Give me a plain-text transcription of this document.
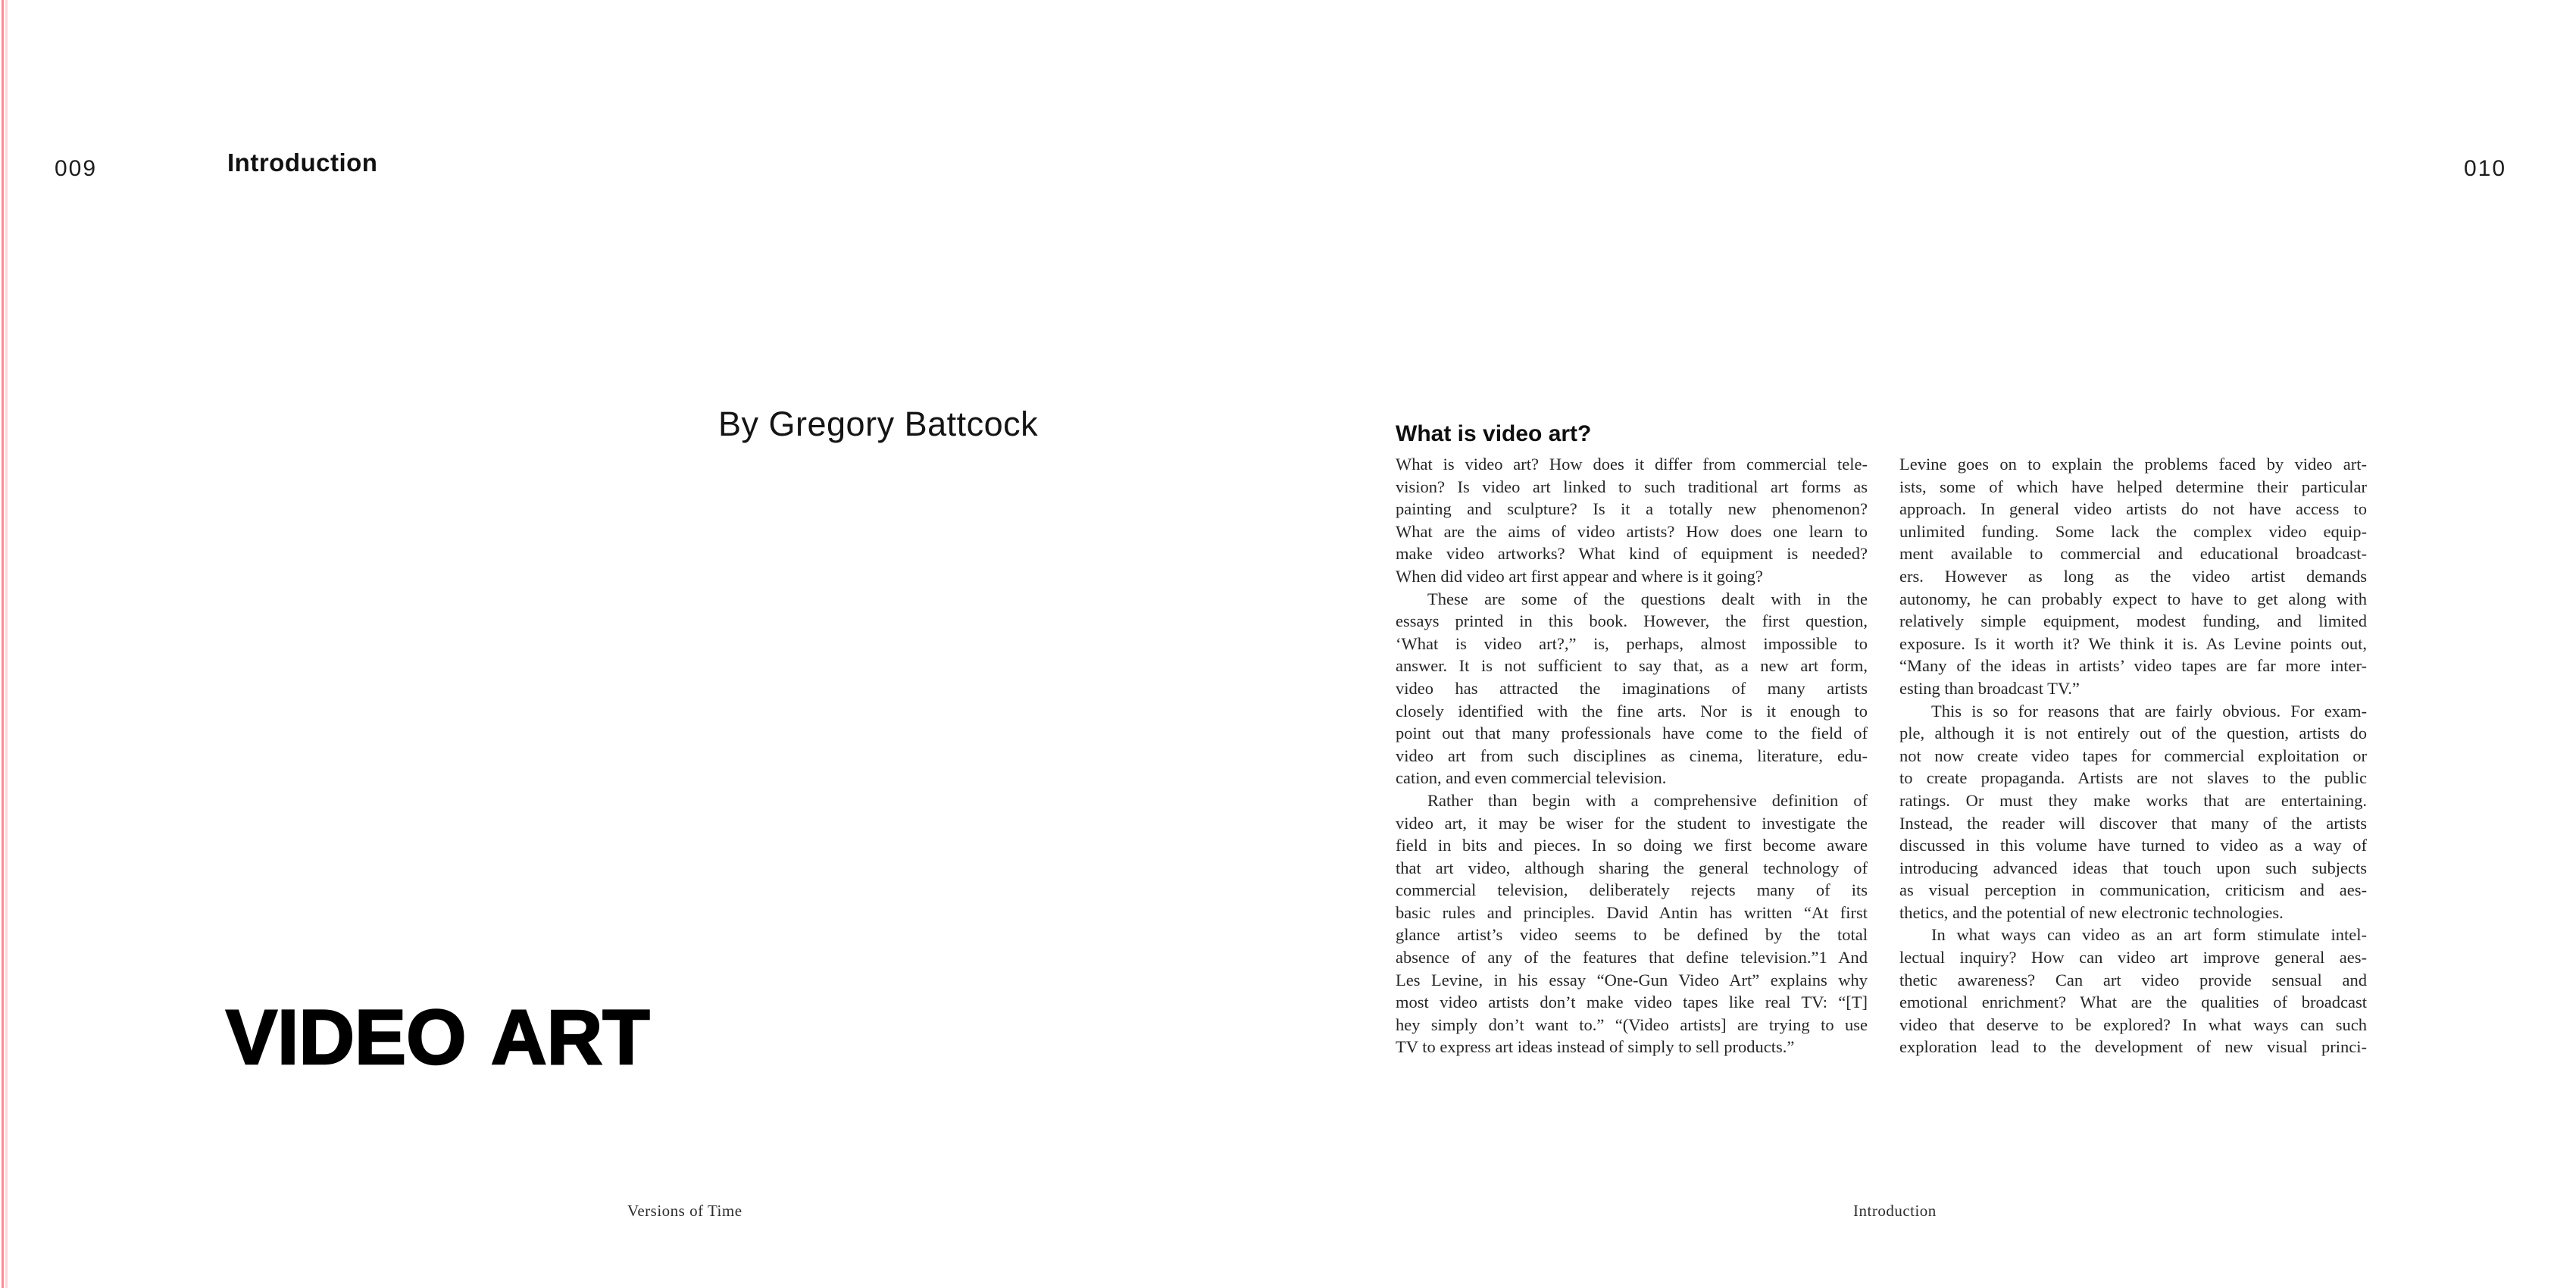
009	Introduction	010
By Gregory Battcock
VIDEO ART
What is video art?
What is video art? How does it differ from commercial tele-
vision? Is video art linked to such traditional art forms as
painting and sculpture? Is it a totally new phenomenon?
What are the aims of video artists? How does one learn to
make video artworks? What kind of equipment is needed?
When did video art first appear and where is it going?
These are some of the questions dealt with in the
essays printed in this book. However, the first question,
‘What is video art?,” is, perhaps, almost impossible to
answer. It is not sufficient to say that, as a new art form,
video has attracted the imaginations of many artists
closely identified with the fine arts. Nor is it enough to
point out that many professionals have come to the field of
video art from such disciplines as cinema, literature, edu-
cation, and even commercial television.
Rather than begin with a comprehensive definition of
video art, it may be wiser for the student to investigate the
field in bits and pieces. In so doing we first become aware
that art video, although sharing the general technology of
commercial television, deliberately rejects many of its
basic rules and principles. David Antin has written “At first
glance artist’s video seems to be defined by the total
absence of any of the features that define television.”1 And
Les Levine, in his essay “One-Gun Video Art” explains why
most video artists don’t make video tapes like real TV: “[T]
hey simply don’t want to.” “(Video artists] are trying to use
TV to express art ideas instead of simply to sell products.”
Levine goes on to explain the problems faced by video art-
ists, some of which have helped determine their particular
approach. In general video artists do not have access to
unlimited funding. Some lack the complex video equip-
ment available to commercial and educational broadcast-
ers. However as long as the video artist demands
autonomy, he can probably expect to have to get along with
relatively simple equipment, modest funding, and limited
exposure. Is it worth it? We think it is. As Levine points out,
“Many of the ideas in artists’ video tapes are far more inter-
esting than broadcast TV.”
This is so for reasons that are fairly obvious. For exam-
ple, although it is not entirely out of the question, artists do
not now create video tapes for commercial exploitation or
to create propaganda. Artists are not slaves to the public
ratings. Or must they make works that are entertaining.
Instead, the reader will discover that many of the artists
discussed in this volume have turned to video as a way of
introducing advanced ideas that touch upon such subjects
as visual perception in communication, criticism and aes-
thetics, and the potential of new electronic technologies.
In what ways can video as an art form stimulate intel-
lectual inquiry? How can video art improve general aes-
thetic awareness? Can art video provide sensual and
emotional enrichment? What are the qualities of broadcast
video that deserve to be explored? In what ways can such
exploration lead to the development of new visual princi-
Versions of Time	Introduction
